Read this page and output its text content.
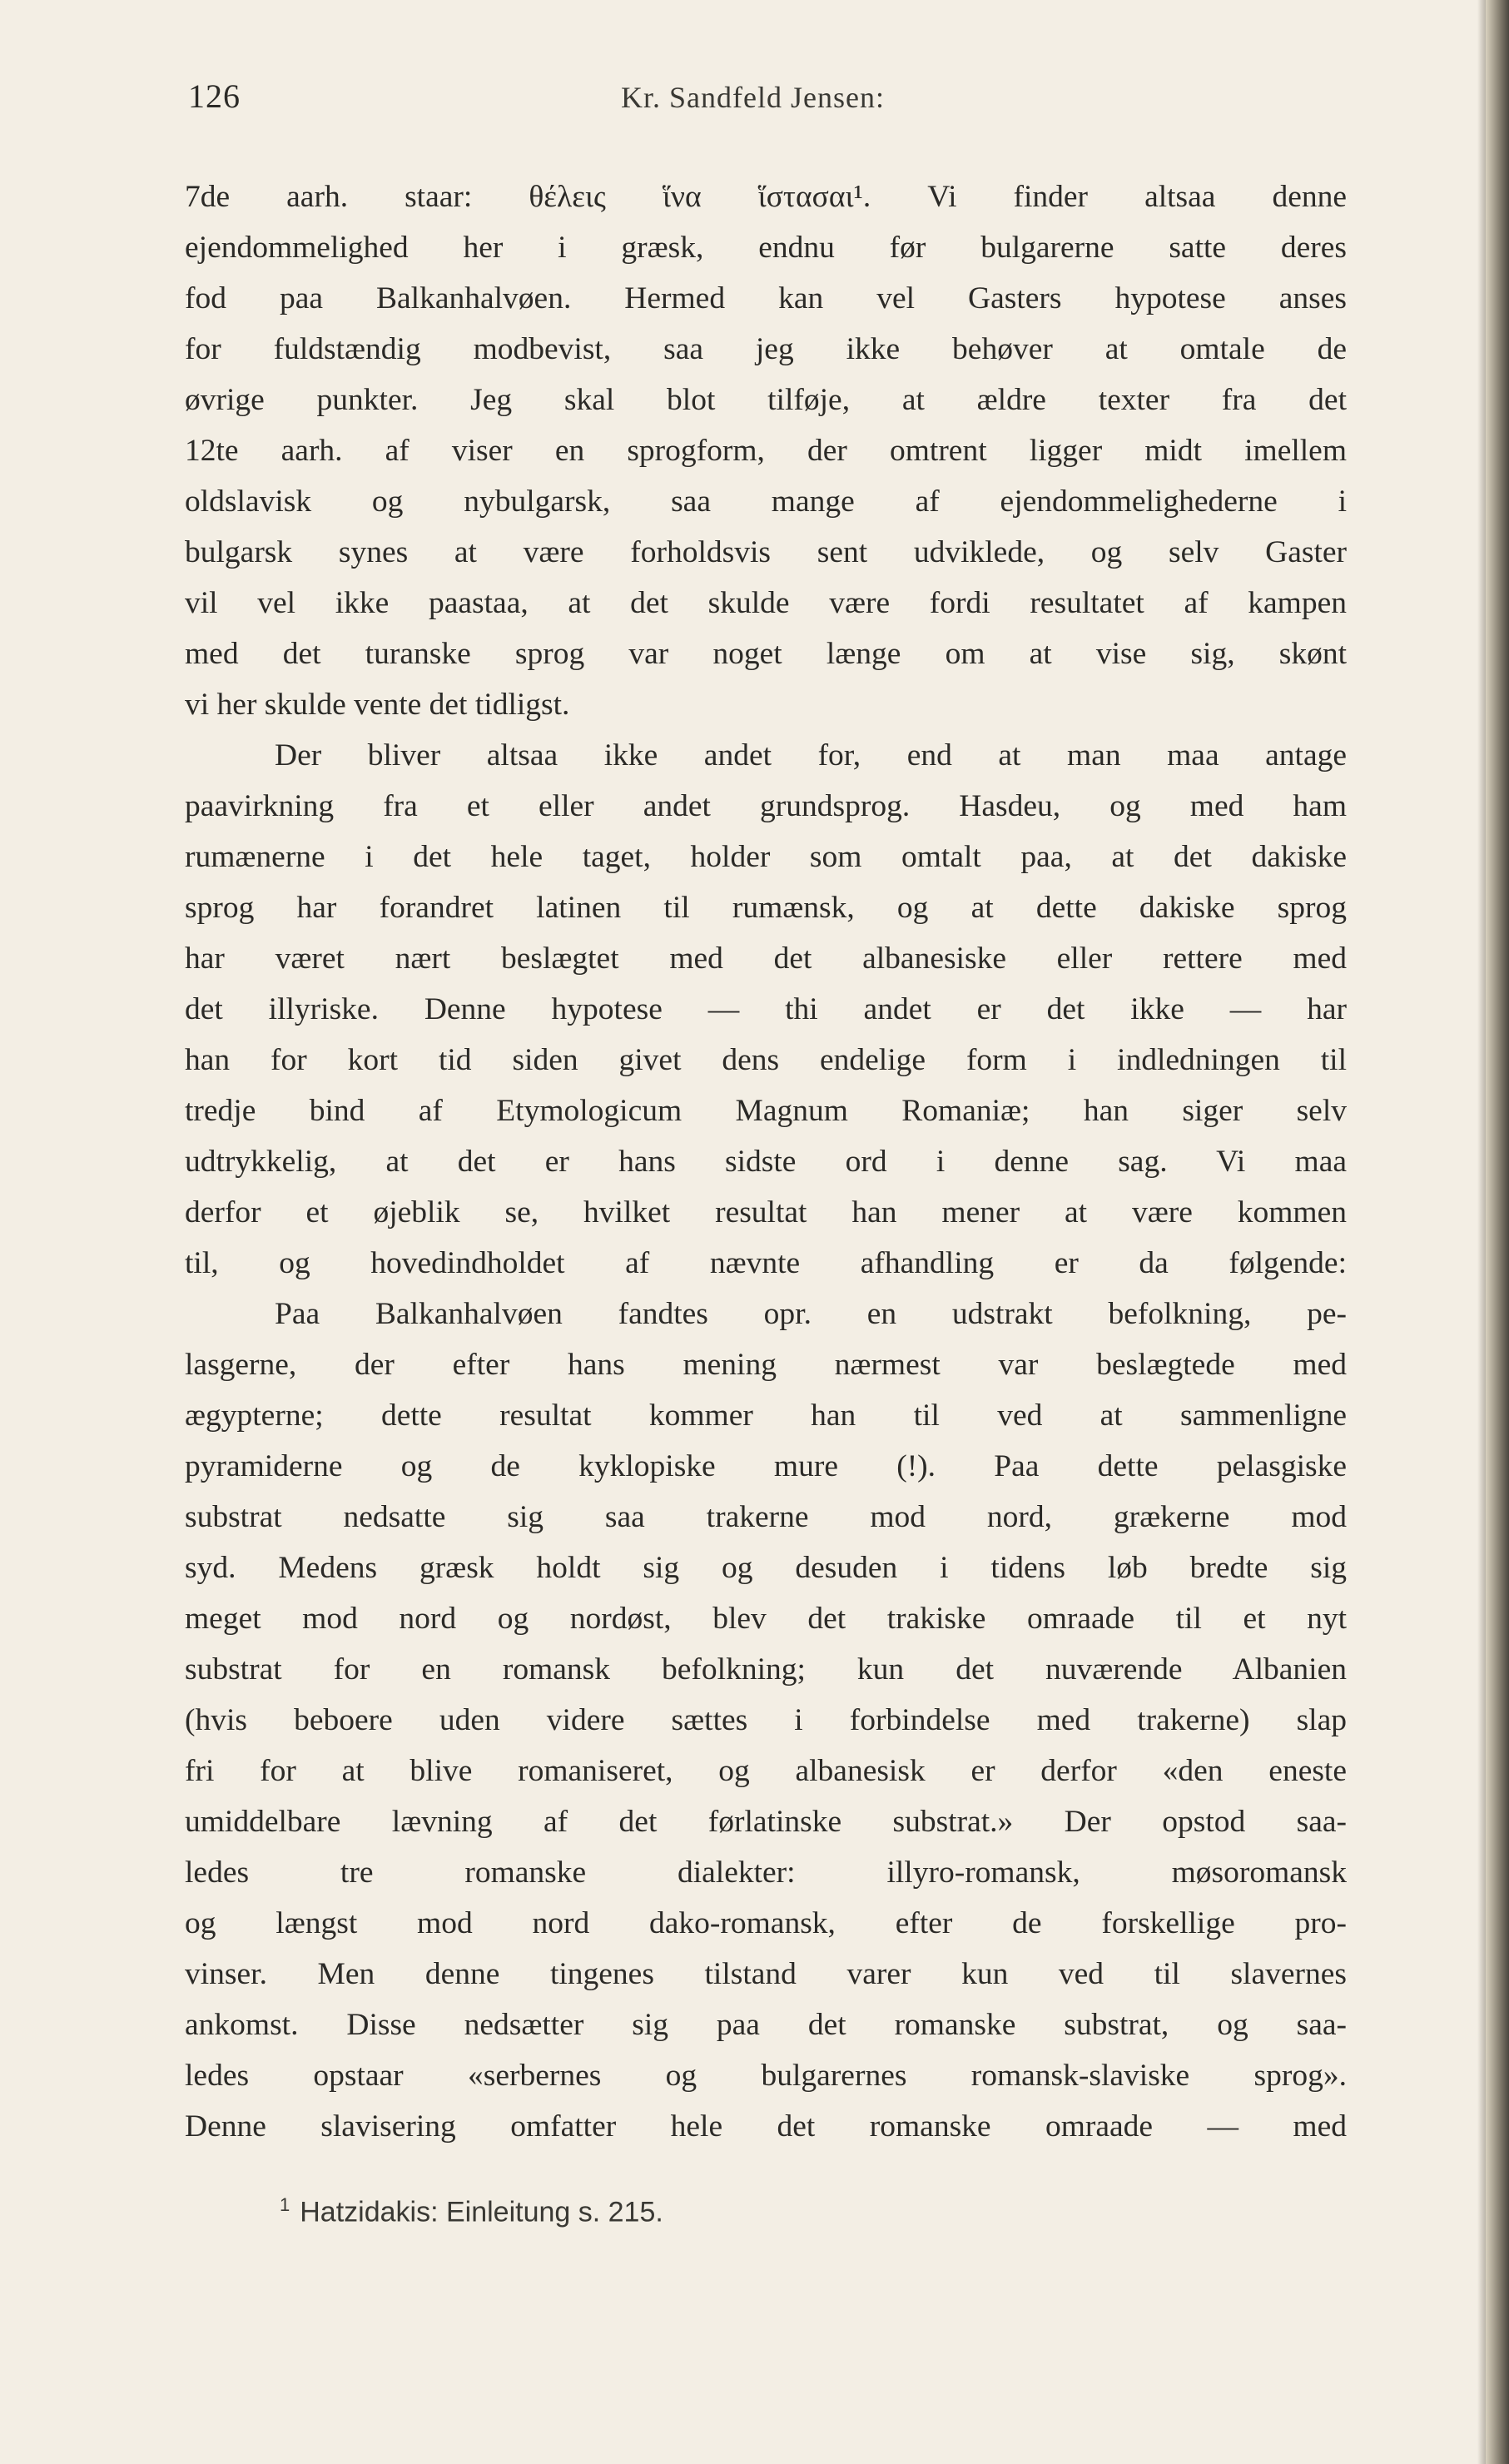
126	Kr. Sandfeld Jensen:
7de aarh. staar: θέλεις ἵνα ἵστασαι¹. Vi finder altsaa denne
ejendommelighed her i græsk, endnu før bulgarerne satte deres
fod paa Balkanhalvøen. Hermed kan vel Gasters hypotese anses
for fuldstændig modbevist, saa jeg ikke behøver at omtale de
øvrige punkter. Jeg skal blot tilføje, at ældre texter fra det
12te aarh. af viser en sprogform, der omtrent ligger midt imellem
oldslavisk og nybulgarsk, saa mange af ejendommelighederne i
bulgarsk synes at være forholdsvis sent udviklede, og selv Gaster
vil vel ikke paastaa, at det skulde være fordi resultatet af kampen
med det turanske sprog var noget længe om at vise sig, skønt
vi her skulde vente det tidligst.
Der bliver altsaa ikke andet for, end at man maa antage
paavirkning fra et eller andet grundsprog. Hasdeu, og med ham
rumænerne i det hele taget, holder som omtalt paa, at det dakiske
sprog har forandret latinen til rumænsk, og at dette dakiske sprog
har været nært beslægtet med det albanesiske eller rettere med
det illyriske. Denne hypotese — thi andet er det ikke — har
han for kort tid siden givet dens endelige form i indledningen til
tredje bind af Etymologicum Magnum Romaniæ; han siger selv
udtrykkelig, at det er hans sidste ord i denne sag. Vi maa
derfor et øjeblik se, hvilket resultat han mener at være kommen
til, og hovedindholdet af nævnte afhandling er da følgende:
Paa Balkanhalvøen fandtes opr. en udstrakt befolkning, pe-
lasgerne, der efter hans mening nærmest var beslægtede med
ægypterne; dette resultat kommer han til ved at sammenligne
pyramiderne og de kyklopiske mure (!). Paa dette pelasgiske
substrat nedsatte sig saa trakerne mod nord, grækerne mod
syd. Medens græsk holdt sig og desuden i tidens løb bredte sig
meget mod nord og nordøst, blev det trakiske omraade til et nyt
substrat for en romansk befolkning; kun det nuværende Albanien
(hvis beboere uden videre sættes i forbindelse med trakerne) slap
fri for at blive romaniseret, og albanesisk er derfor «den eneste
umiddelbare lævning af det førlatinske substrat.» Der opstod saa-
ledes tre romanske dialekter: illyro-romansk, møsoromansk
og længst mod nord dako-romansk, efter de forskellige pro-
vinser. Men denne tingenes tilstand varer kun ved til slavernes
ankomst. Disse nedsætter sig paa det romanske substrat, og saa-
ledes opstaar «serbernes og bulgarernes romansk-slaviske sprog».
Denne slavisering omfatter hele det romanske omraade — med
$^1$ Hatzidakis: Einleitung s. 215.
